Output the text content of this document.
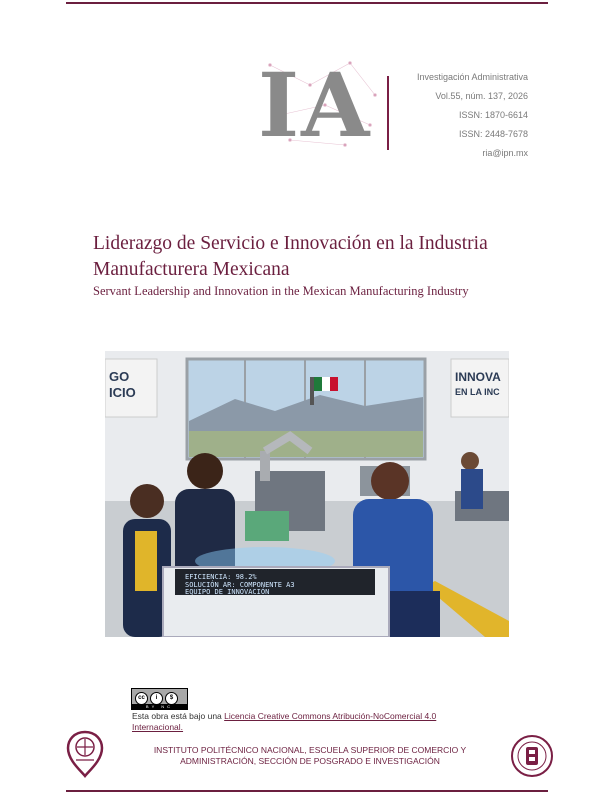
IA	Investigación Administrativa
Vol.55, núm. 137, 2026
ISSN: 1870-6614
ISSN: 2448-7678
ria@ipn.mx
Liderazgo de Servicio e Innovación en la Industria Manufacturera Mexicana
Servant Leadership and Innovation in the Mexican Manufacturing Industry
GO
ICIO
INNOVA
EN LA INC
EFICIENCIA: 98.2%
SOLUCIÓN AR: COMPONENTE A3
EQUIPO DE INNOVACIÓN
cc	i	$
BY NC
Esta obra está bajo una Licencia Creative Commons Atribución-NoComercial 4.0 Internacional.
INSTITUTO POLITÉCNICO NACIONAL, ESCUELA SUPERIOR DE COMERCIO Y
ADMINISTRACIÓN, SECCIÓN DE POSGRADO E INVESTIGACIÓN
